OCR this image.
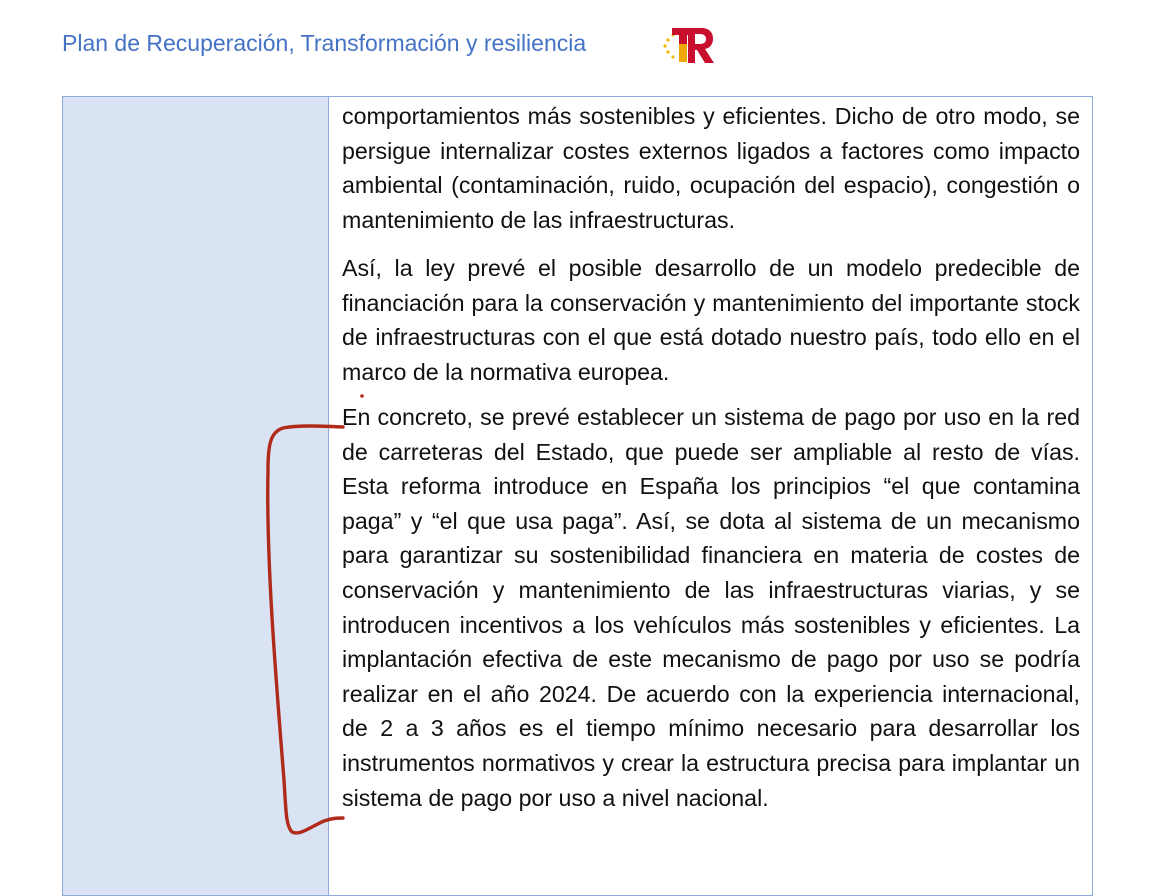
Plan de Recuperación, Transformación y resiliencia
comportamientos más sostenibles y eficientes. Dicho de otro modo, se persigue internalizar costes externos ligados a factores como impacto ambiental (contaminación, ruido, ocupación del espacio), congestión o mantenimiento de las infraestructuras.
Así, la ley prevé el posible desarrollo de un modelo predecible de financiación para la conservación y mantenimiento del importante stock de infraestructuras con el que está dotado nuestro país, todo ello en el marco de la normativa europea.
En concreto, se prevé establecer un sistema de pago por uso en la red de carreteras del Estado, que puede ser ampliable al resto de vías. Esta reforma introduce en España los principios “el que contamina paga” y “el que usa paga”. Así, se dota al sistema de un mecanismo para garantizar su sostenibilidad financiera en materia de costes de conservación y mantenimiento de las infraestructuras viarias, y se introducen incentivos a los vehículos más sostenibles y eficientes. La implantación efectiva de este mecanismo de pago por uso se podría realizar en el año 2024. De acuerdo con la experiencia internacional, de 2 a 3 años es el tiempo mínimo necesario para desarrollar los instrumentos normativos y crear la estructura precisa para implantar un sistema de pago por uso a nivel nacional.
